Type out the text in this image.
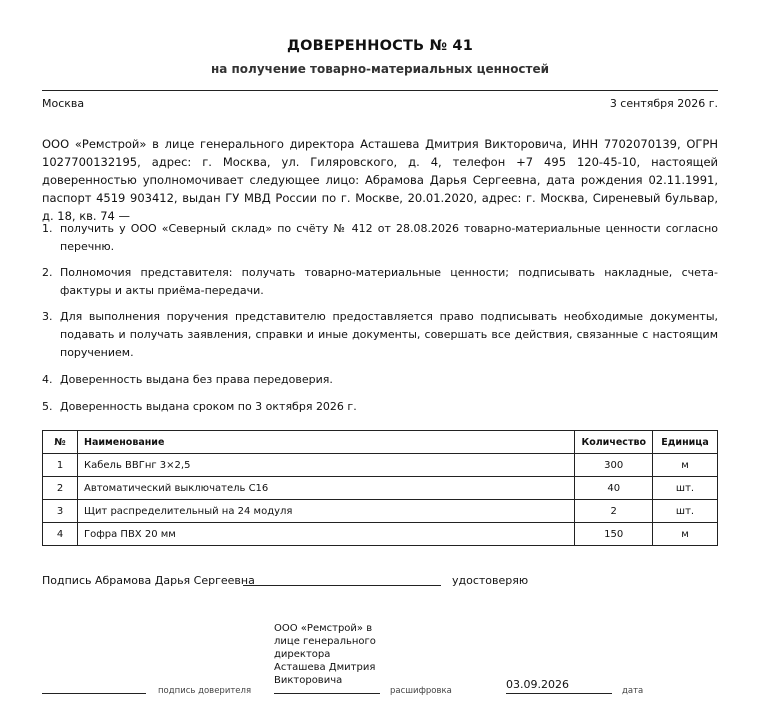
ДОВЕРЕННОСТЬ № 41
на получение товарно-материальных ценностей
Москва	3 сентября 2026 г.
ООО «Ремстрой» в лице генерального директора Асташева Дмитрия Викторовича, ИНН 7702070139, ОГРН 1027700132195, адрес: г. Москва, ул. Гиляровского, д. 4, телефон +7 495 120-45-10, настоящей доверенностью уполномочивает следующее лицо: Абрамова Дарья Сергеевна, дата рождения 02.11.1991, паспорт 4519 903412, выдан ГУ МВД России по г. Москве, 20.01.2020, адрес: г. Москва, Сиреневый бульвар, д. 18, кв. 74 —
1. получить у ООО «Северный склад» по счёту № 412 от 28.08.2026 товарно-материальные ценности согласно перечню.
2. Полномочия представителя: получать товарно-материальные ценности; подписывать накладные, счета-фактуры и акты приёма-передачи.
3. Для выполнения поручения представителю предоставляется право подписывать необходимые документы, подавать и получать заявления, справки и иные документы, совершать все действия, связанные с настоящим поручением.
4. Доверенность выдана без права передоверия.
5. Доверенность выдана сроком по 3 октября 2026 г.
№	Наименование	Количество	Единица
1	Кабель ВВГнг 3×2,5	300	м
2	Автоматический выключатель С16	40	шт.
3	Щит распределительный на 24 модуля	2	шт.
4	Гофра ПВХ 20 мм	150	м
Подпись Абрамова Дарья Сергеевна	удостоверяю
ООО «Ремстрой» в лице генерального директора Асташева Дмитрия Викторовича
подпись доверителя	расшифровка	03.09.2026	дата
